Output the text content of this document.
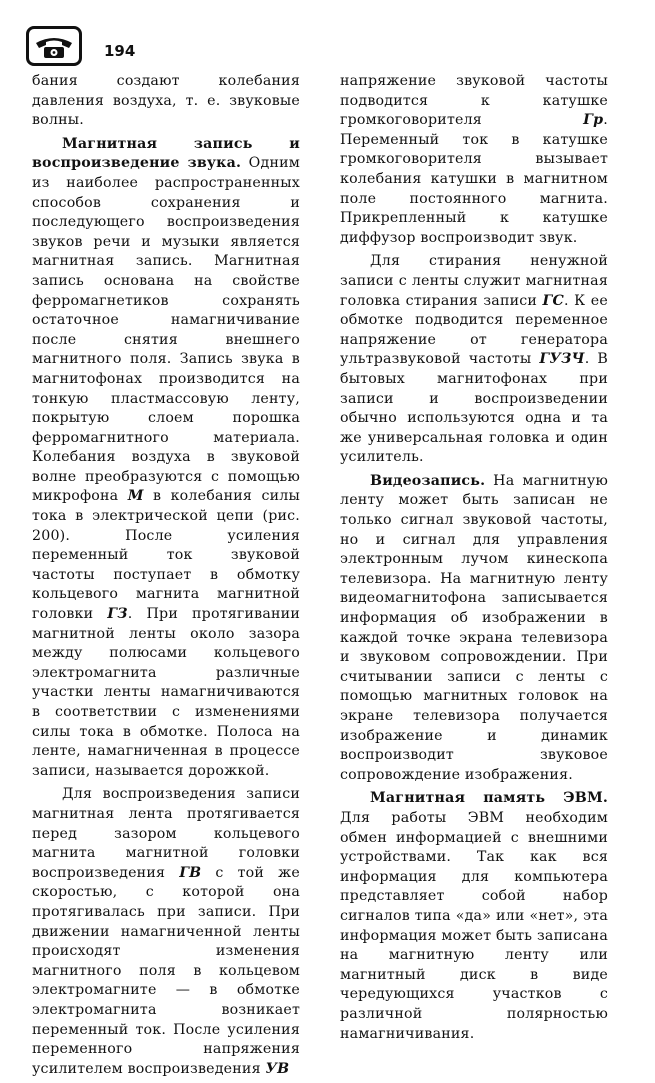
194

бания создают колебания давления воздуха, т. е. звуковые волны.

Магнитная запись и воспроизведение звука. Одним из наиболее распространенных способов сохранения и последующего воспроизведения звуков речи и музыки является магнитная запись. Магнитная запись основана на свойстве ферромагнетиков сохранять остаточное намагничивание после снятия внешнего магнитного поля. Запись звука в магнитофонах производится на тонкую пластмассовую ленту, покрытую слоем порошка ферромагнитного материала. Колебания воздуха в звуковой волне преобразуются с помощью микрофона М в колебания силы тока в электрической цепи (рис. 200). После усиления переменный ток звуковой частоты поступает в обмотку кольцевого магнита магнитной головки ГЗ. При протягивании магнитной ленты около зазора между полюсами кольцевого электромагнита различные участки ленты намагничиваются в соответствии с изменениями силы тока в обмотке. Полоса на ленте, намагниченная в процессе записи, называется дорожкой.

Для воспроизведения записи магнитная лента протягивается перед зазором кольцевого магнита магнитной головки воспроизведения ГВ с той же скоростью, с которой она протягивалась при записи. При движении намагниченной ленты происходят изменения магнитного поля в кольцевом электромагните — в обмотке электромагнита возникает переменный ток. После усиления переменного напряжения усилителем воспроизведения УВ

напряжение звуковой частоты подводится к катушке громкоговорителя Гр. Переменный ток в катушке громкоговорителя вызывает колебания катушки в магнитном поле постоянного магнита. Прикрепленный к катушке диффузор воспроизводит звук.

Для стирания ненужной записи с ленты служит магнитная головка стирания записи ГС. К ее обмотке подводится переменное напряжение от генератора ультразвуковой частоты ГУЗЧ. В бытовых магнитофонах при записи и воспроизведении обычно используются одна и та же универсальная головка и один усилитель.

Видеозапись. На магнитную ленту может быть записан не только сигнал звуковой частоты, но и сигнал для управления электронным лучом кинескопа телевизора. На магнитную ленту видеомагнитофона записывается информация об изображении в каждой точке экрана телевизора и звуковом сопровождении. При считывании записи с ленты с помощью магнитных головок на экране телевизора получается изображение и динамик воспроизводит звуковое сопровождение изображения.

Магнитная память ЭВМ. Для работы ЭВМ необходим обмен информацией с внешними устройствами. Так как вся информация для компьютера представляет собой набор сигналов типа «да» или «нет», эта информация может быть записана на магнитную ленту или магнитный диск в виде чередующихся участков с различной полярностью намагничивания.
